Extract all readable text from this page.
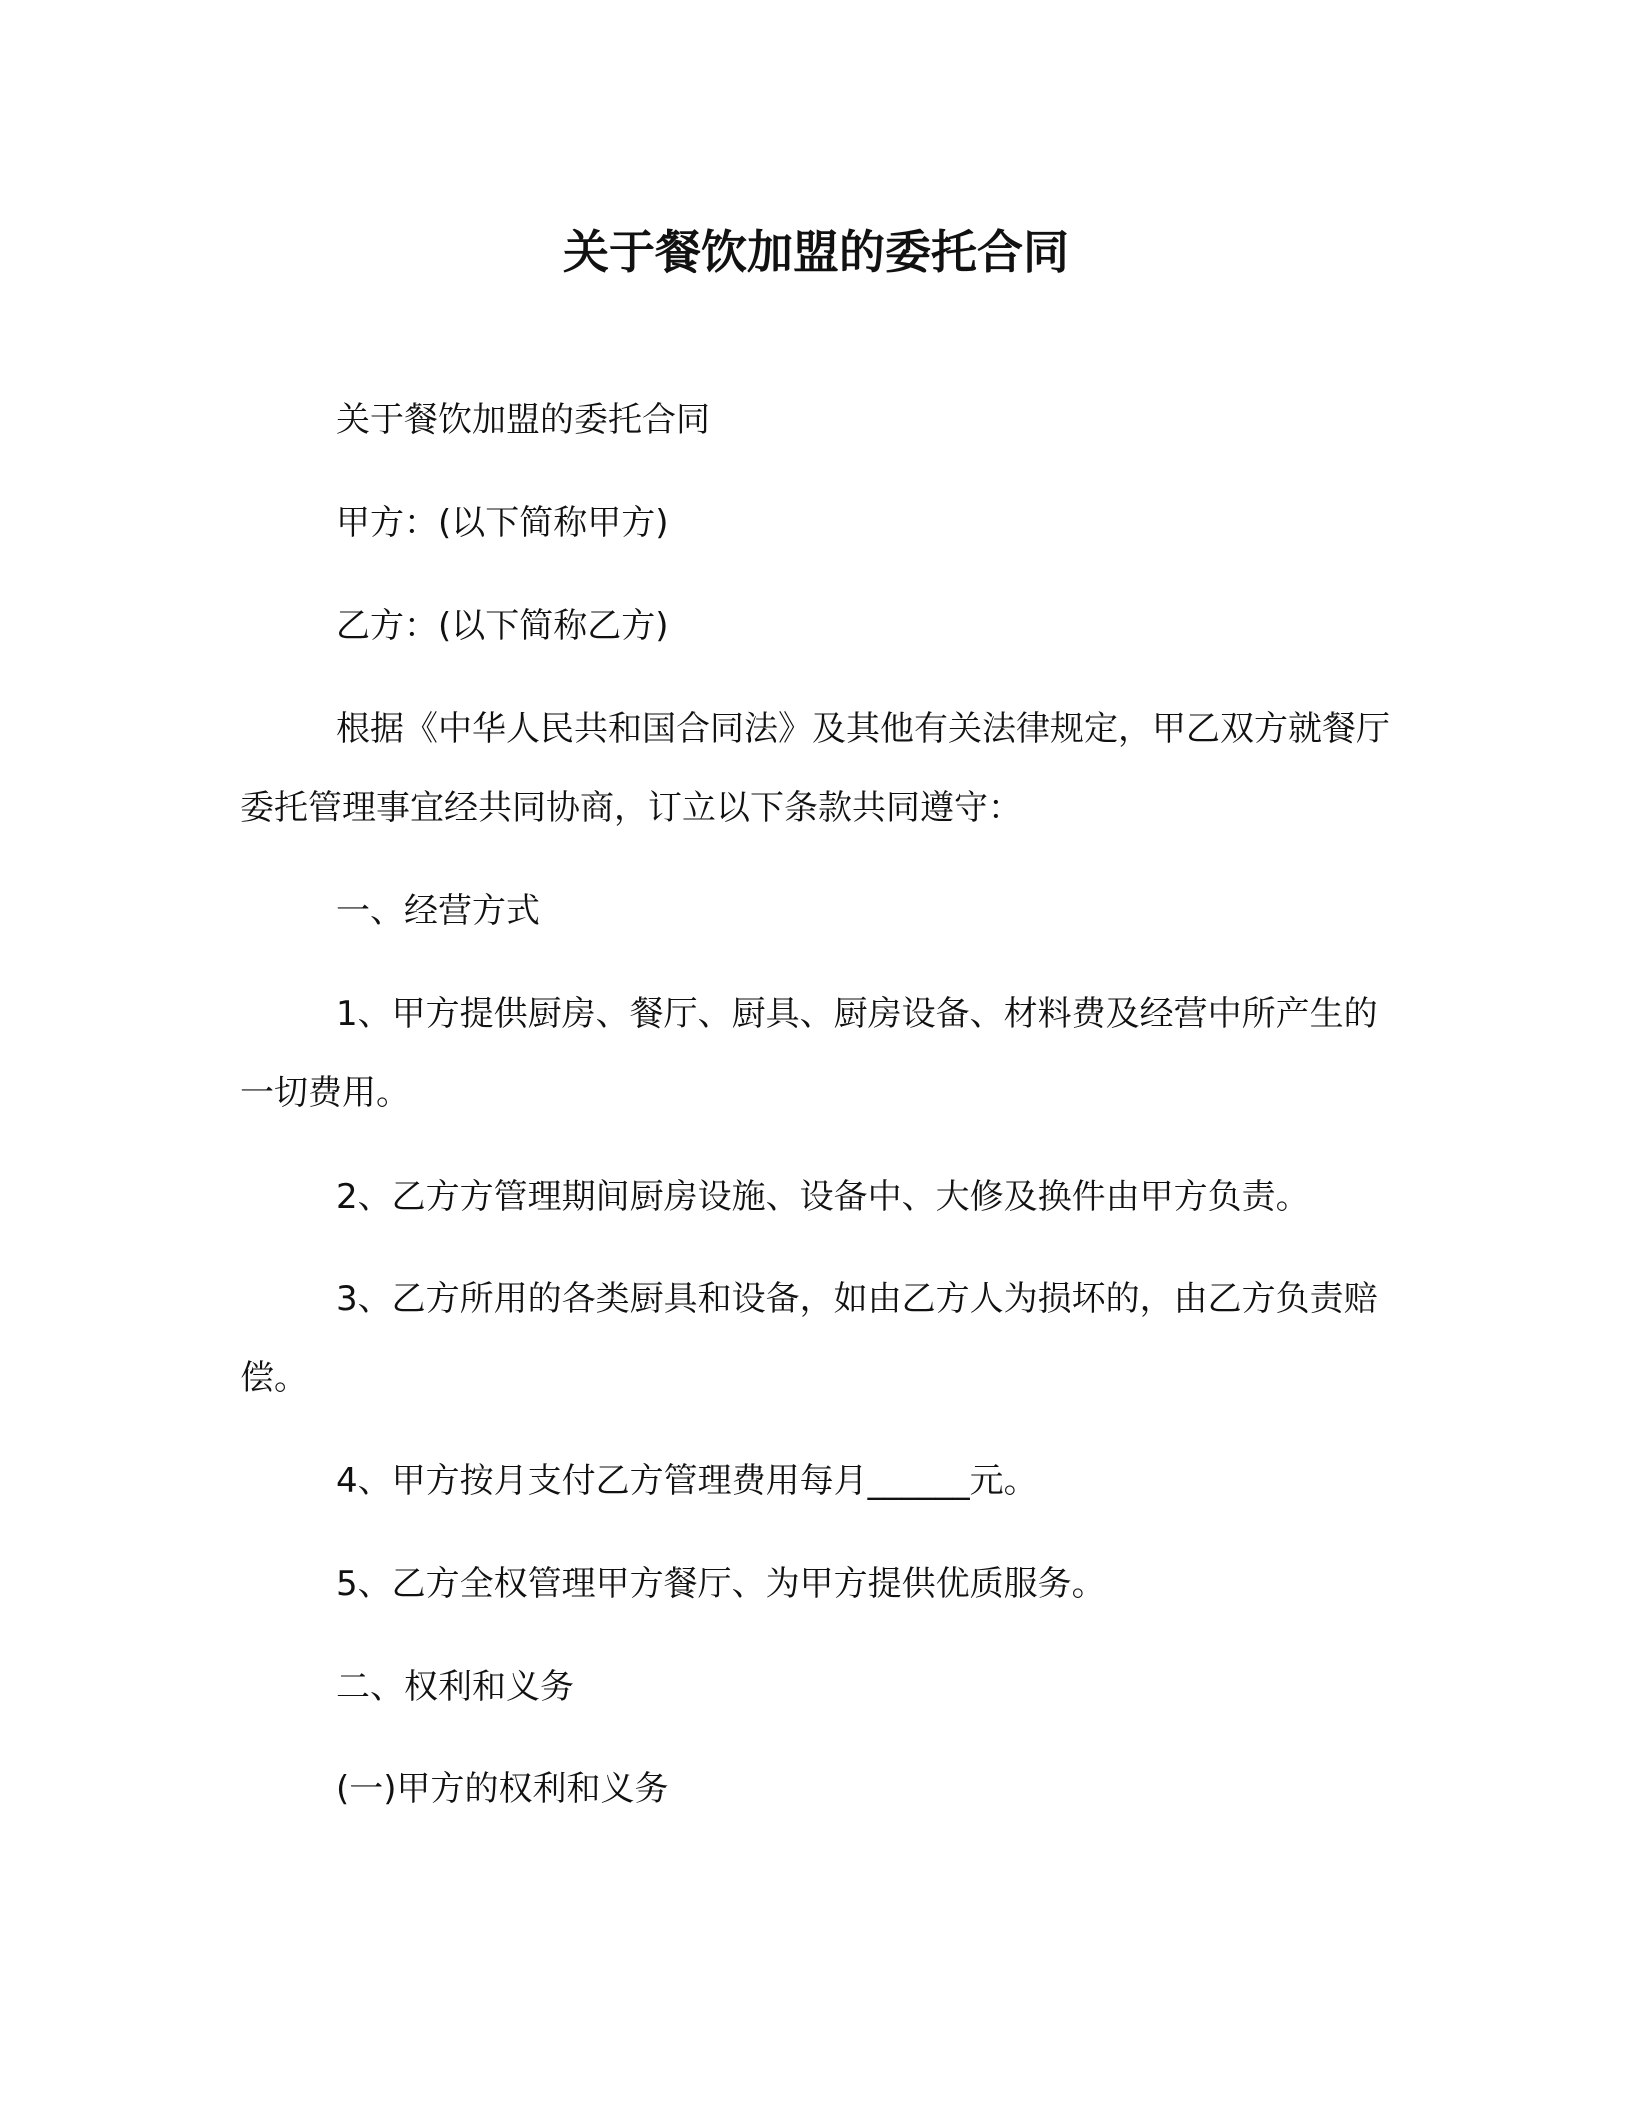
关于餐饮加盟的委托合同

关于餐饮加盟的委托合同

甲方：(以下简称甲方)

乙方：(以下简称乙方)

根据《中华人民共和国合同法》及其他有关法律规定，甲乙双方就餐厅委托管理事宜经共同协商，订立以下条款共同遵守：

一、经营方式

1、甲方提供厨房、餐厅、厨具、厨房设备、材料费及经营中所产生的一切费用。

2、乙方方管理期间厨房设施、设备中、大修及换件由甲方负责。

3、乙方所用的各类厨具和设备，如由乙方人为损坏的，由乙方负责赔偿。

4、甲方按月支付乙方管理费用每月______元。

5、乙方全权管理甲方餐厅、为甲方提供优质服务。

二、权利和义务

(一)甲方的权利和义务
